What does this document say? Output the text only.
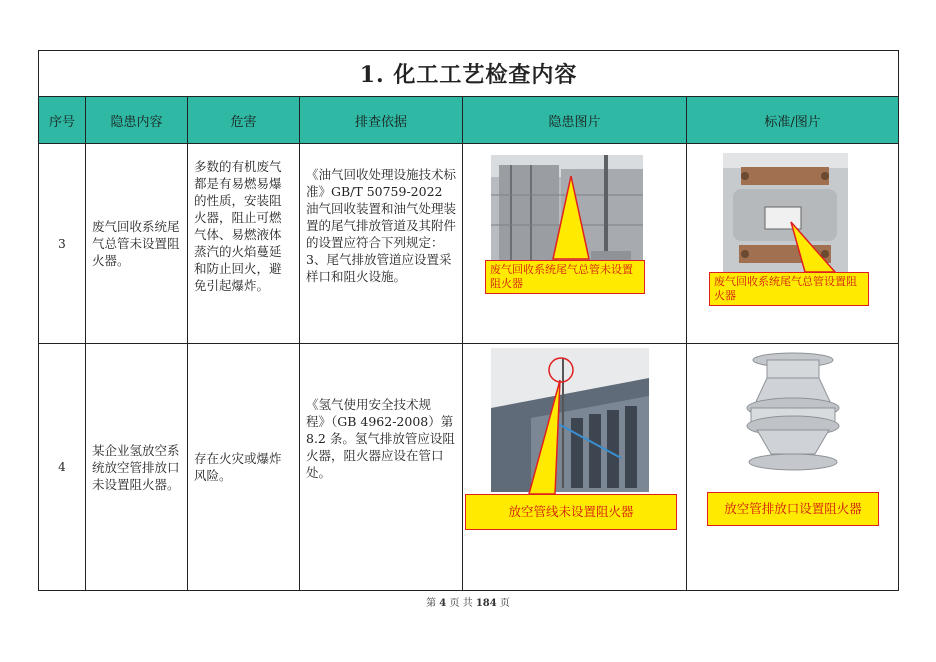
1. 化工工艺检查内容					
序号	隐患内容	危害	排查依据	隐患图片	标准/图片
3	废气回收系统尾气总管未设置阻火器。	多数的有机废气都是有易燃易爆的性质，安装阻火器，阻止可燃气体、易燃液体蒸汽的火焰蔓延和防止回火，避免引起爆炸。	《油气回收处理设施技术标准》GB/T 50759-2022 油气回收装置和油气处理装置的尾气排放管道及其附件的设置应符合下列规定：3、尾气排放管道应设置采样口和阻火设施。	废气回收系统尾气总管未设置阻火器	废气回收系统尾气总管设置阻火器

4	某企业氢放空系统放空管排放口未设置阻火器。	存在火灾或爆炸风险。	《氢气使用安全技术规程》（GB 4962-2008）第8.2 条。氢气排放管应设阻火器，阻火器应设在管口处。	放空管线未设置阻火器	放空管排放口设置阻火器
第 4 页 共 184 页
